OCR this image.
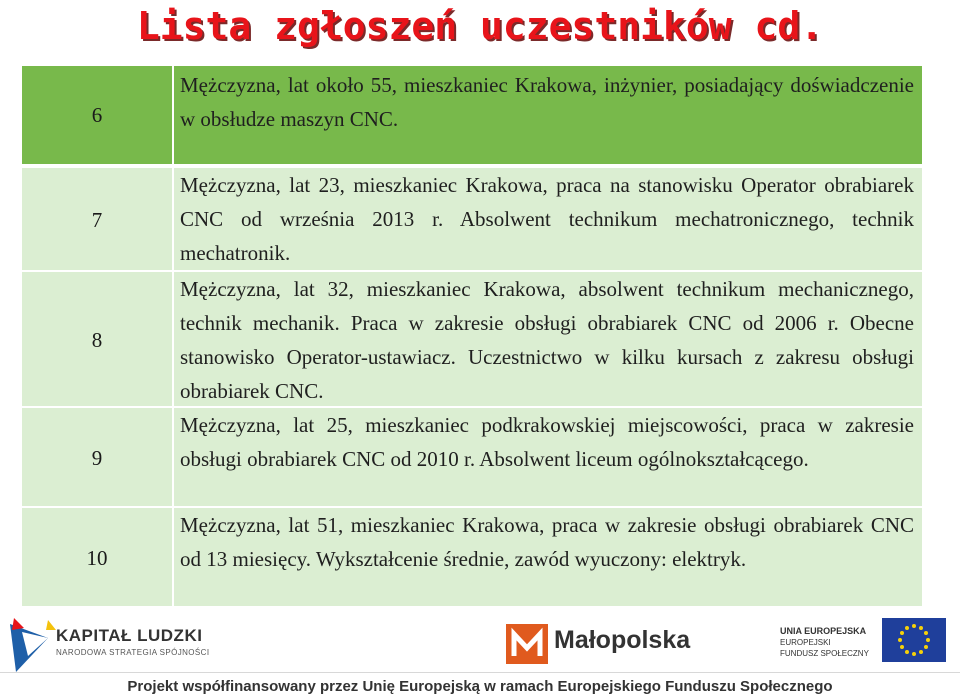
Lista zgłoszeń uczestników cd.
6
Mężczyzna, lat około 55, mieszkaniec Krakowa, inżynier, posiadający doświadczenie w obsłudze maszyn CNC.
7
Mężczyzna, lat 23, mieszkaniec Krakowa, praca na stanowisku Operator obrabiarek CNC od września 2013 r. Absolwent technikum mechatronicznego, technik mechatronik.
8
Mężczyzna, lat 32, mieszkaniec Krakowa, absolwent technikum mechanicznego, technik mechanik. Praca w zakresie obsługi obrabiarek CNC od 2006 r. Obecne stanowisko Operator-ustawiacz. Uczestnictwo w kilku kursach z zakresu obsługi obrabiarek CNC.
9
Mężczyzna, lat 25, mieszkaniec podkrakowskiej miejscowości, praca w zakresie obsługi obrabiarek CNC od 2010 r. Absolwent liceum ogólnokształcącego.
10
Mężczyzna, lat 51, mieszkaniec Krakowa, praca w zakresie obsługi obrabiarek CNC od 13 miesięcy. Wykształcenie średnie, zawód wyuczony: elektryk.
KAPITAŁ LUDZKI
NARODOWA STRATEGIA SPÓJNOŚCI	Małopolska	UNIA EUROPEJSKA
EUROPEJSKI
FUNDUSZ SPOŁECZNY
Projekt współfinansowany przez Unię Europejską w ramach Europejskiego Funduszu Społecznego
